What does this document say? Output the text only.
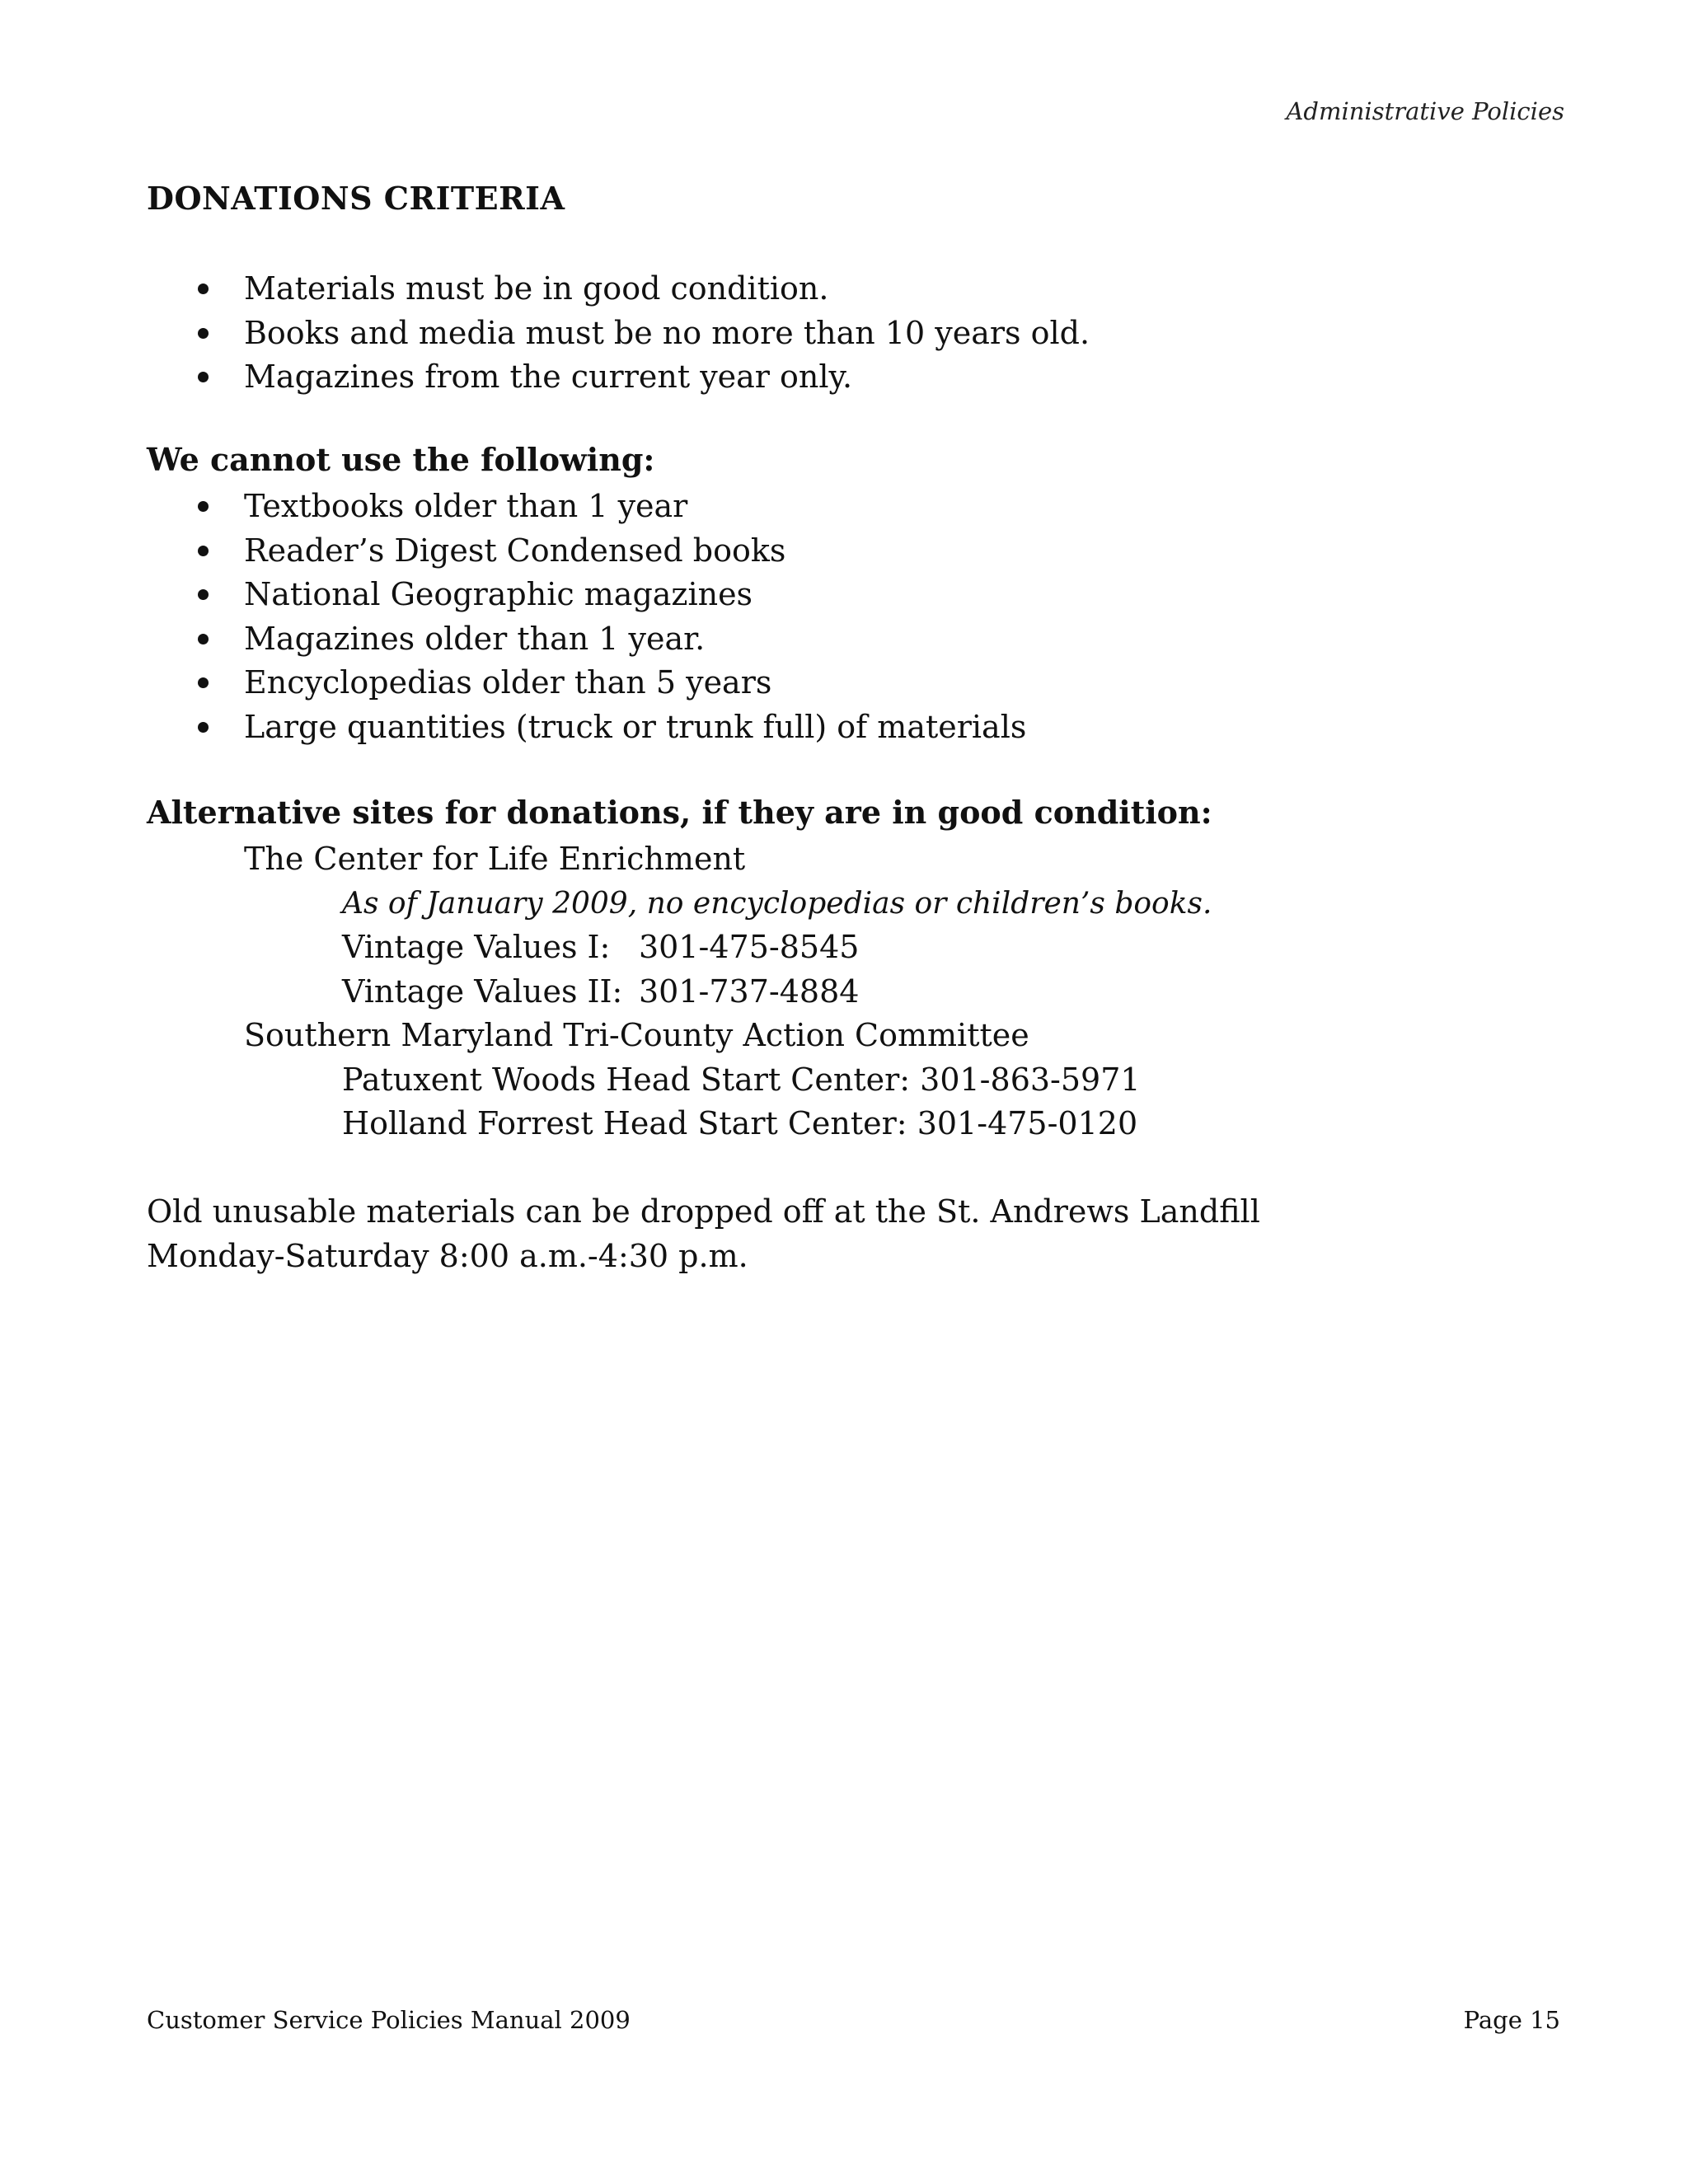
Administrative Policies
DONATIONS CRITERIA
Materials must be in good condition.
Books and media must be no more than 10 years old.
Magazines from the current year only.
We cannot use the following:
Textbooks older than 1 year
Reader’s Digest Condensed books
National Geographic magazines
Magazines older than 1 year.
Encyclopedias older than 5 years
Large quantities (truck or trunk full) of materials
Alternative sites for donations, if they are in good condition:
The Center for Life Enrichment
As of January 2009, no encyclopedias or children’s books.
Vintage Values I: 301-475-8545
Vintage Values II: 301-737-4884
Southern Maryland Tri-County Action Committee
Patuxent Woods Head Start Center: 301-863-5971
Holland Forrest Head Start Center: 301-475-0120
Old unusable materials can be dropped off at the St. Andrews Landfill
Monday-Saturday 8:00 a.m.-4:30 p.m.
Customer Service Policies Manual 2009	Page 15
